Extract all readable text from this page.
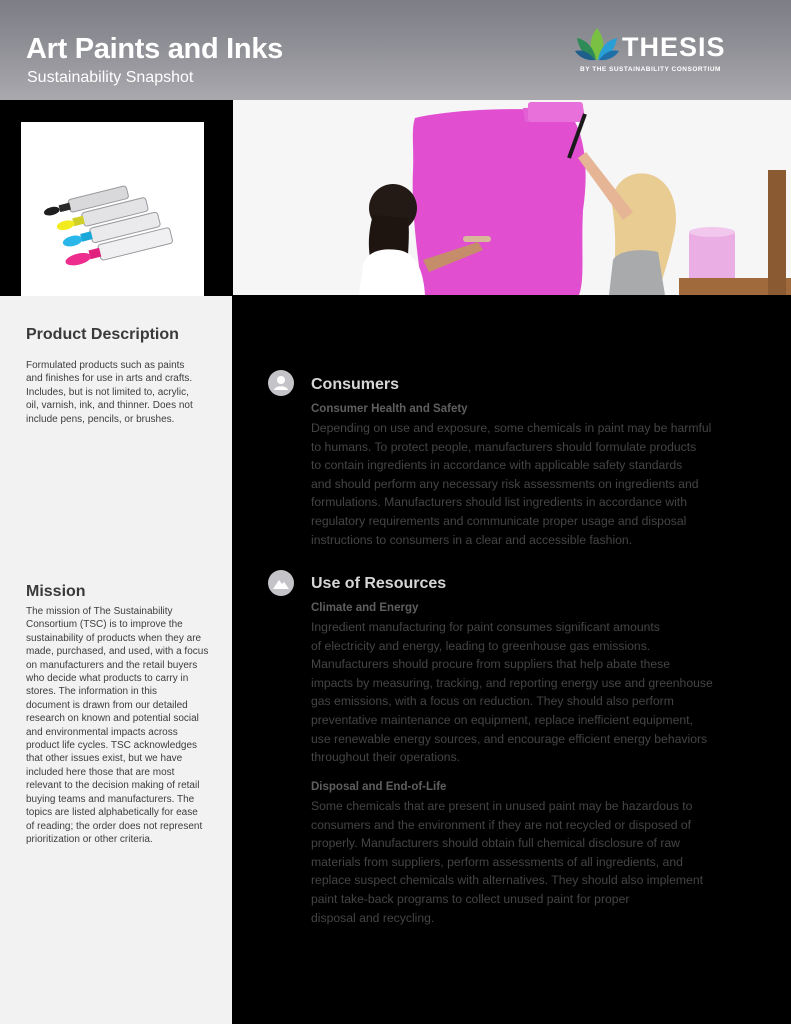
Art Paints and Inks
Sustainability Snapshot
THESIS
BY THE SUSTAINABILITY CONSORTIUM
Product Description
Formulated products such as paints
and finishes for use in arts and crafts.
Includes, but is not limited to, acrylic,
oil, varnish, ink, and thinner. Does not
include pens, pencils, or brushes.
Mission
The mission of The Sustainability
Consortium (TSC) is to improve the
sustainability of products when they are
made, purchased, and used, with a focus
on manufacturers and the retail buyers
who decide what products to carry in
stores. The information in this
document is drawn from our detailed
research on known and potential social
and environmental impacts across
product life cycles. TSC acknowledges
that other issues exist, but we have
included here those that are most
relevant to the decision making of retail
buying teams and manufacturers. The
topics are listed alphabetically for ease
of reading; the order does not represent
prioritization or other criteria.
Consumers
Consumer Health and Safety
Depending on use and exposure, some chemicals in paint may be harmful
to humans. To protect people, manufacturers should formulate products
to contain ingredients in accordance with applicable safety standards
and should perform any necessary risk assessments on ingredients and
formulations. Manufacturers should list ingredients in accordance with
regulatory requirements and communicate proper usage and disposal
instructions to consumers in a clear and accessible fashion.
Use of Resources
Climate and Energy
Ingredient manufacturing for paint consumes significant amounts
of electricity and energy, leading to greenhouse gas emissions.
Manufacturers should procure from suppliers that help abate these
impacts by measuring, tracking, and reporting energy use and greenhouse
gas emissions, with a focus on reduction. They should also perform
preventative maintenance on equipment, replace inefficient equipment,
use renewable energy sources, and encourage efficient energy behaviors
throughout their operations.
Disposal and End-of-Life
Some chemicals that are present in unused paint may be hazardous to
consumers and the environment if they are not recycled or disposed of
properly. Manufacturers should obtain full chemical disclosure of raw
materials from suppliers, perform assessments of all ingredients, and
replace suspect chemicals with alternatives. They should also implement
paint take-back programs to collect unused paint for proper
disposal and recycling.
